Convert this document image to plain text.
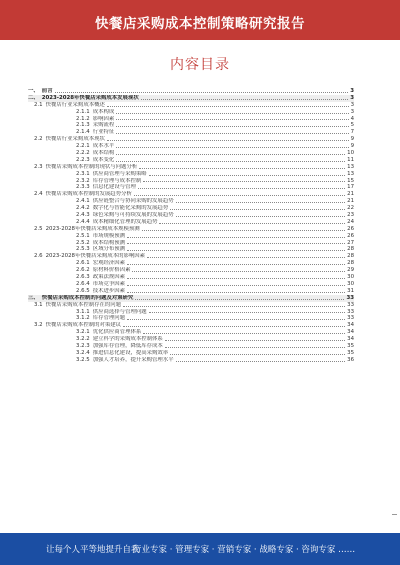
快餐店采购成本控制策略研究报告
内容目录
一、 前言	3
二、 2023-2028年快餐店采购成本发展现状	3
2.1 快餐店行业采购成本概述	3
2.1.1 成本构成	3
2.1.2 影响因素	4
2.1.3 采购流程	5
2.1.4 行业特征	7
2.2 快餐店行业采购成本现状	9
2.2.1 成本水平	9
2.2.2 成本结构	10
2.2.3 成本变化	11
2.3 快餐店采购成本控制的现状与问题分析	13
2.3.1 供应商管理与采购策略	13
2.3.2 库存管理与成本控制	15
2.3.3 信息化建设与管理	17
2.4 快餐店采购成本控制的发展趋势分析	21
2.4.1 供应链整合与协同采购的发展趋势	21
2.4.2 数字化与智能化采购的发展趋势	22
2.4.3 绿色采购与可持续发展的发展趋势	23
2.4.4 成本精细化管理的发展趋势	24
2.5 2023-2028年快餐店采购成本规模预测	26
2.5.1 市场规模预测	26
2.5.2 成本结构预测	27
2.5.3 区域分布预测	28
2.6 2023-2028年快餐店采购成本的影响因素	28
2.6.1 宏观经济因素	28
2.6.2 原材料价格因素	29
2.6.3 政策法规因素	30
2.6.4 市场竞争因素	30
2.6.5 技术进步因素	31
三、 快餐店采购成本控制的问题及对策研究	33
3.1 快餐店采购成本控制存在的问题	33
3.1.1 供应商选择与管理问题	33
3.1.2 库存管理问题	33
3.2 快餐店采购成本控制的对策建议	34
3.2.1 优化供应商管理体系	34
3.2.2 建立科学的采购成本控制体系	34
3.2.3 加强库存管理，降低库存成本	35
3.2.4 推进信息化建设，提高采购效率	35
3.2.5 加强人才培养，提升采购管理水平	36
让每个人平等地提升自我
行业专家 · 管理专家 · 营销专家 · 战略专家 · 咨询专家 ……
